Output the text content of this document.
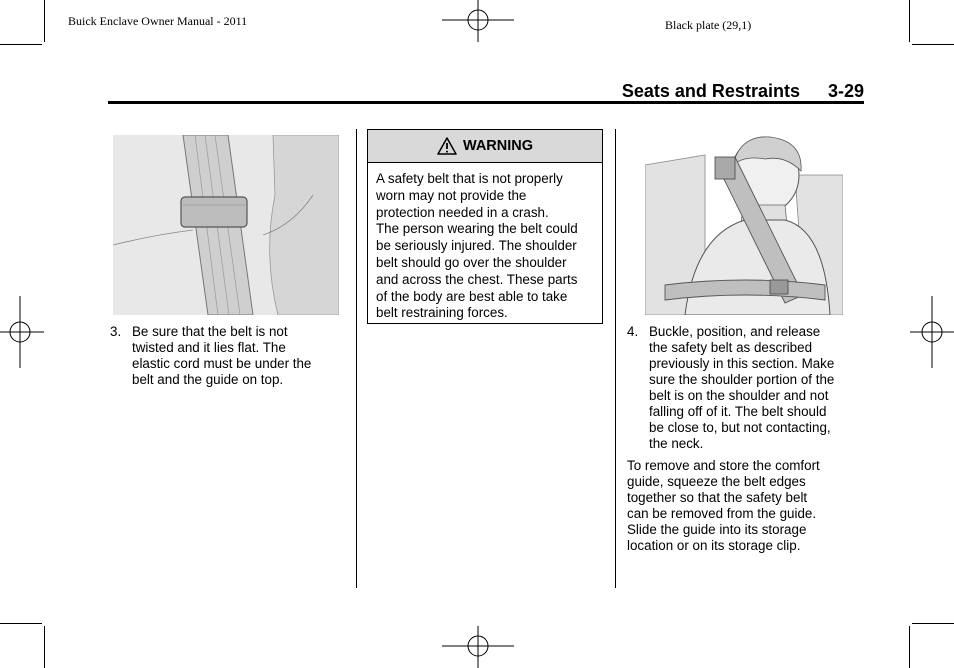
Buick Enclave Owner Manual - 2011	Black plate (29,1)
Seats and Restraints 3-29
3. Be sure that the belt is not
twisted and it lies flat. The
elastic cord must be under the
belt and the guide on top.
WARNING
A safety belt that is not properly
worn may not provide the
protection needed in a crash.
The person wearing the belt could
be seriously injured. The shoulder
belt should go over the shoulder
and across the chest. These parts
of the body are best able to take
belt restraining forces.
4. Buckle, position, and release
the safety belt as described
previously in this section. Make
sure the shoulder portion of the
belt is on the shoulder and not
falling off of it. The belt should
be close to, but not contacting,
the neck.
To remove and store the comfort
guide, squeeze the belt edges
together so that the safety belt
can be removed from the guide.
Slide the guide into its storage
location or on its storage clip.
